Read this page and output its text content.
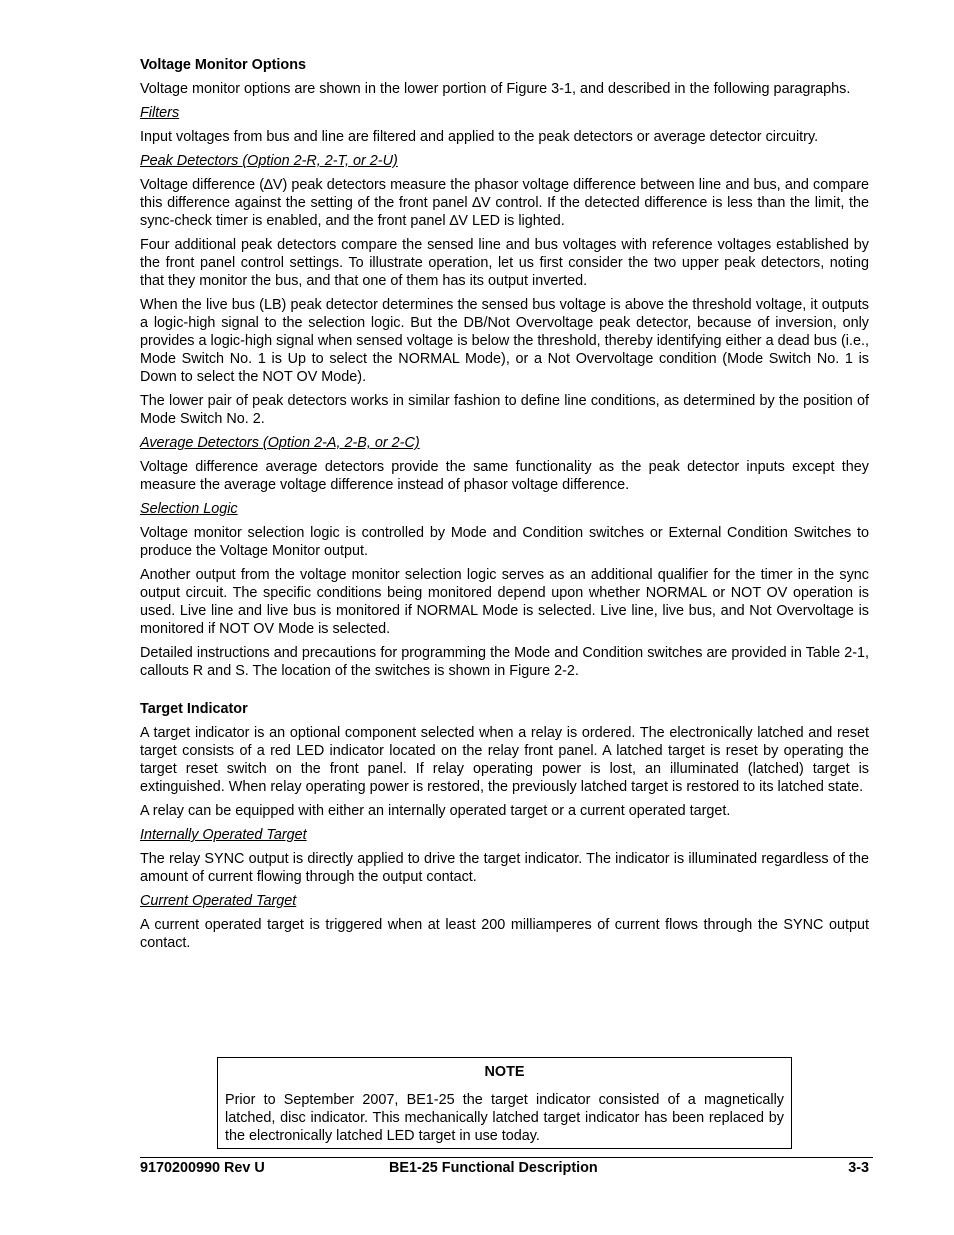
Voltage Monitor Options

Voltage monitor options are shown in the lower portion of Figure 3-1, and described in the following paragraphs.

Filters

Input voltages from bus and line are filtered and applied to the peak detectors or average detector circuitry.

Peak Detectors (Option 2-R, 2-T, or 2-U)

Voltage difference (∆V) peak detectors measure the phasor voltage difference between line and bus, and compare this difference against the setting of the front panel ∆V control. If the detected difference is less than the limit, the sync-check timer is enabled, and the front panel ∆V LED is lighted.

Four additional peak detectors compare the sensed line and bus voltages with reference voltages established by the front panel control settings. To illustrate operation, let us first consider the two upper peak detectors, noting that they monitor the bus, and that one of them has its output inverted.

When the live bus (LB) peak detector determines the sensed bus voltage is above the threshold voltage, it outputs a logic-high signal to the selection logic. But the DB/Not Overvoltage peak detector, because of inversion, only provides a logic-high signal when sensed voltage is below the threshold, thereby identifying either a dead bus (i.e., Mode Switch No. 1 is Up to select the NORMAL Mode), or a Not Overvoltage condition (Mode Switch No. 1 is Down to select the NOT OV Mode).

The lower pair of peak detectors works in similar fashion to define line conditions, as determined by the position of Mode Switch No. 2.

Average Detectors (Option 2-A, 2-B, or 2-C)

Voltage difference average detectors provide the same functionality as the peak detector inputs except they measure the average voltage difference instead of phasor voltage difference.

Selection Logic

Voltage monitor selection logic is controlled by Mode and Condition switches or External Condition Switches to produce the Voltage Monitor output.

Another output from the voltage monitor selection logic serves as an additional qualifier for the timer in the sync output circuit. The specific conditions being monitored depend upon whether NORMAL or NOT OV operation is used. Live line and live bus is monitored if NORMAL Mode is selected. Live line, live bus, and Not Overvoltage is monitored if NOT OV Mode is selected.

Detailed instructions and precautions for programming the Mode and Condition switches are provided in Table 2-1, callouts R and S. The location of the switches is shown in Figure 2-2.

Target Indicator

A target indicator is an optional component selected when a relay is ordered. The electronically latched and reset target consists of a red LED indicator located on the relay front panel. A latched target is reset by operating the target reset switch on the front panel. If relay operating power is lost, an illuminated (latched) target is extinguished. When relay operating power is restored, the previously latched target is restored to its latched state.

A relay can be equipped with either an internally operated target or a current operated target.

Internally Operated Target

The relay SYNC output is directly applied to drive the target indicator. The indicator is illuminated regardless of the amount of current flowing through the output contact.

Current Operated Target

A current operated target is triggered when at least 200 milliamperes of current flows through the SYNC output contact.

NOTE

Prior to September 2007, BE1-25 the target indicator consisted of a magnetically latched, disc indicator. This mechanically latched target indicator has been replaced by the electronically latched LED target in use today.

9170200990 Rev U	BE1-25 Functional Description	3-3
